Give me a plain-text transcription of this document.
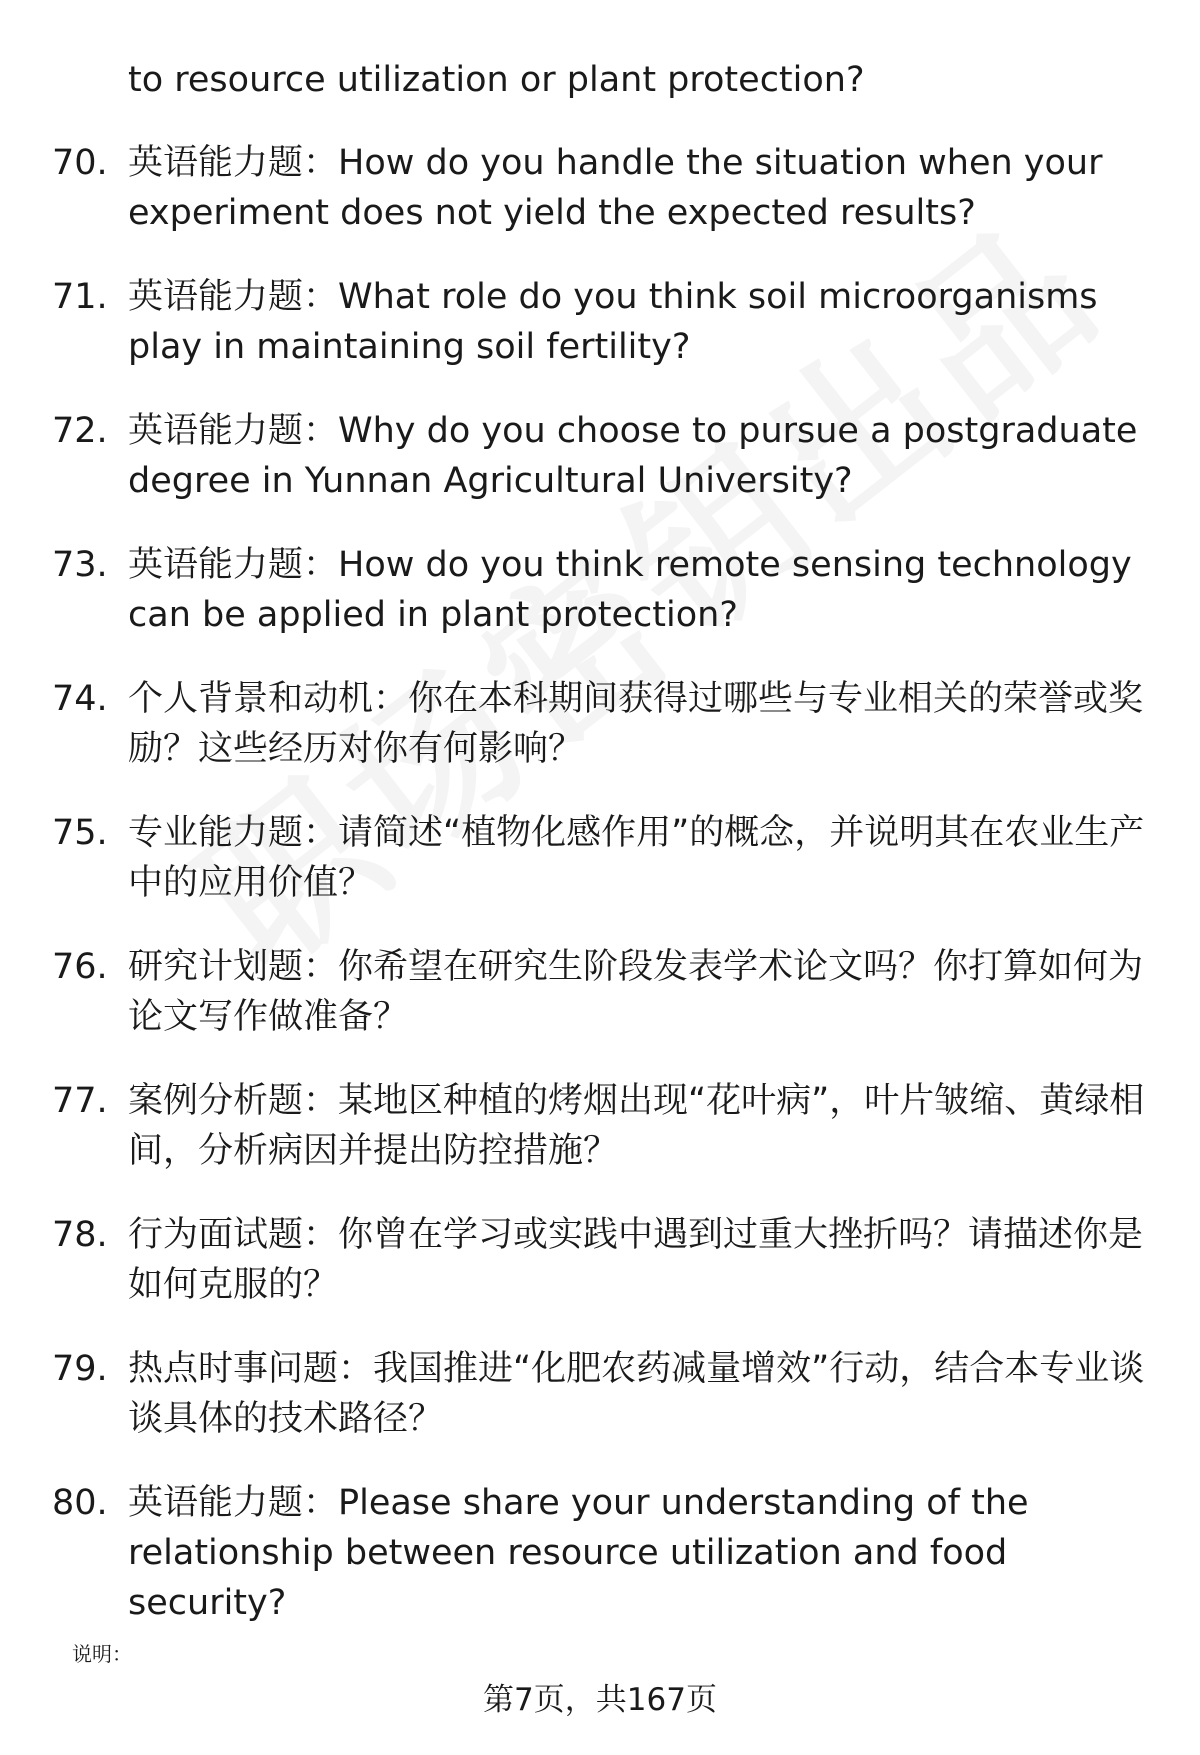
to resource utilization or plant protection?
70. 英语能力题：How do you handle the situation when your experiment does not yield the expected results?
71. 英语能力题：What role do you think soil microorganisms play in maintaining soil fertility?
72. 英语能力题：Why do you choose to pursue a postgraduate degree in Yunnan Agricultural University?
73. 英语能力题：How do you think remote sensing technology can be applied in plant protection?
74. 个人背景和动机：你在本科期间获得过哪些与专业相关的荣誉或奖励？这些经历对你有何影响？
75. 专业能力题：请简述“植物化感作用”的概念，并说明其在农业生产中的应用价值？
76. 研究计划题：你希望在研究生阶段发表学术论文吗？你打算如何为论文写作做准备？
77. 案例分析题：某地区种植的烤烟出现“花叶病”，叶片皱缩、黄绿相间，分析病因并提出防控措施？
78. 行为面试题：你曾在学习或实践中遇到过重大挫折吗？请描述你是如何克服的？
79. 热点时事问题：我国推进“化肥农药减量增效”行动，结合本专业谈谈具体的技术路径？
80. 英语能力题：Please share your understanding of the relationship between resource utilization and food security?
说明：
第7页，共167页
